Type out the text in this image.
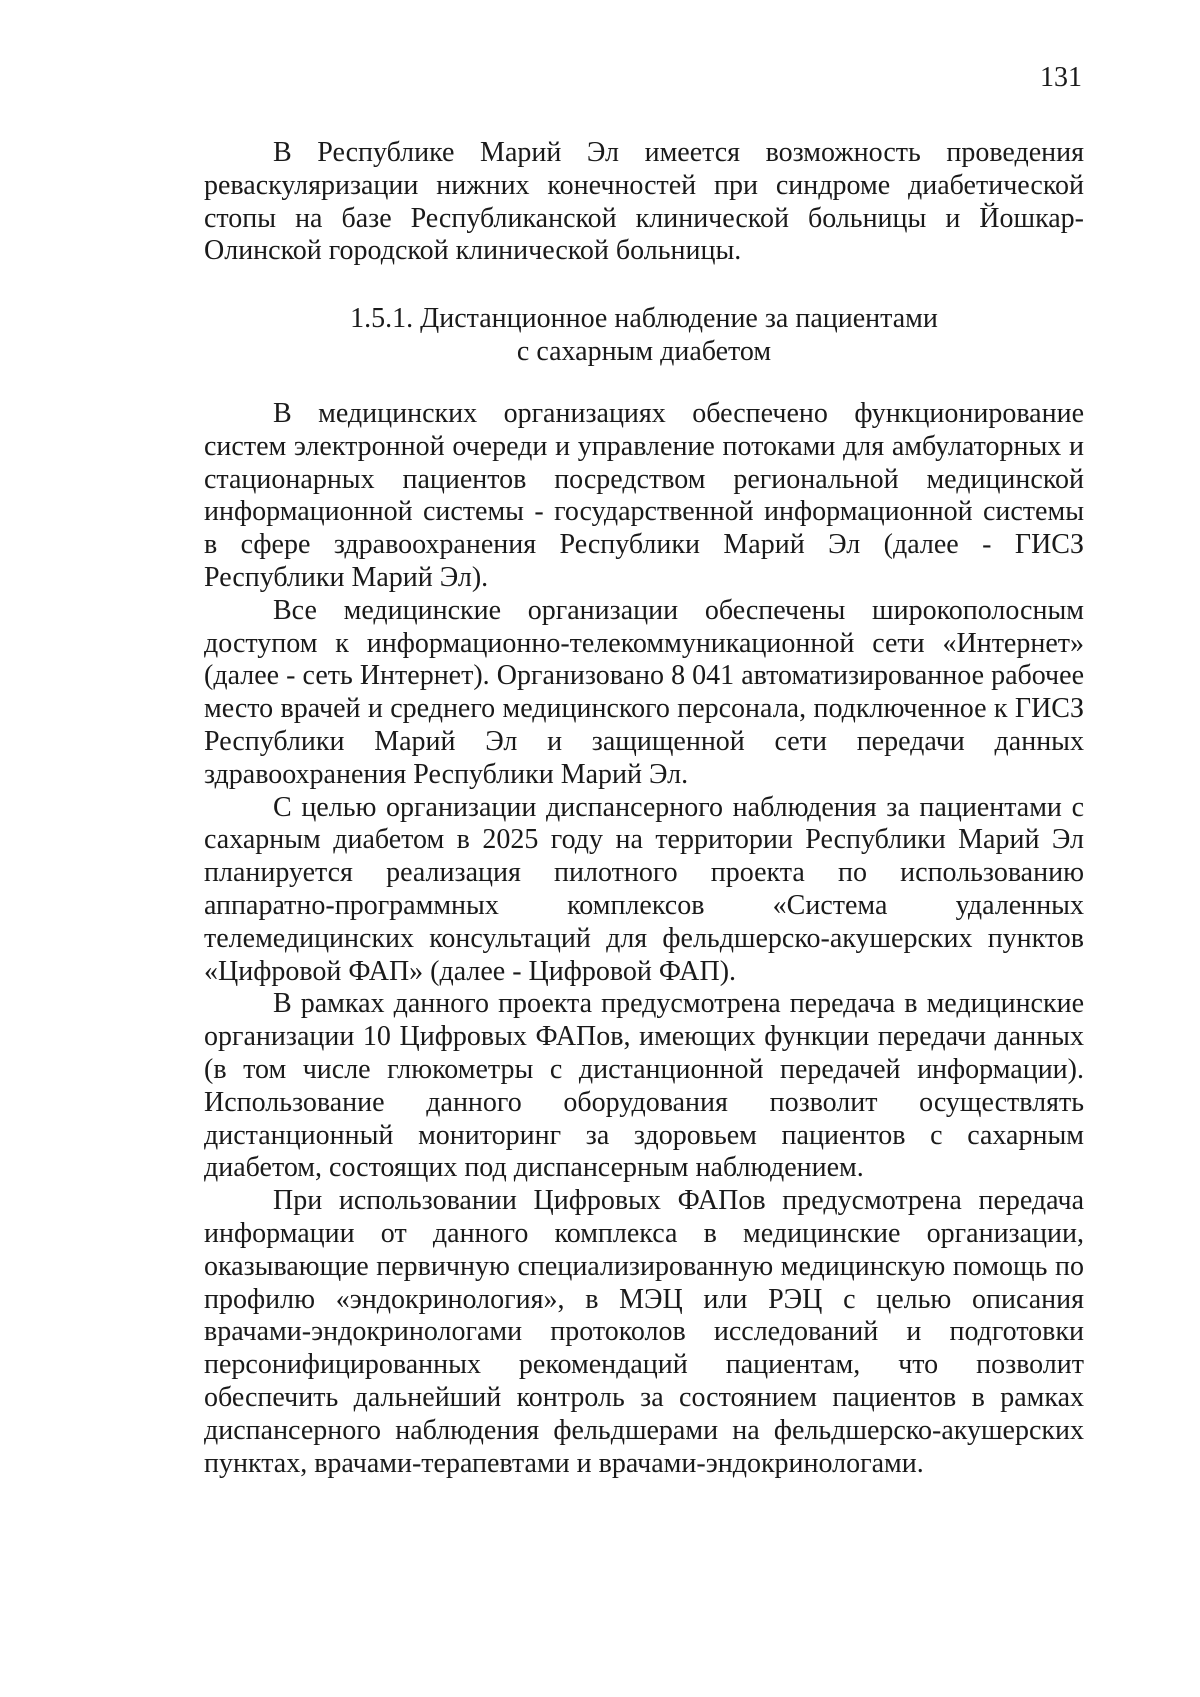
131

В Республике Марий Эл имеется возможность проведения реваскуляризации нижних конечностей при синдроме диабетической стопы на базе Республиканской клинической больницы и Йошкар-Олинской городской клинической больницы.

1.5.1. Дистанционное наблюдение за пациентами
с сахарным диабетом

В медицинских организациях обеспечено функционирование систем электронной очереди и управление потоками для амбулаторных и стационарных пациентов посредством региональной медицинской информационной системы - государственной информационной системы в сфере здравоохранения Республики Марий Эл (далее - ГИСЗ Республики Марий Эл).

Все медицинские организации обеспечены широкополосным доступом к информационно-телекоммуникационной сети «Интернет» (далее - сеть Интернет). Организовано 8 041 автоматизированное рабочее место врачей и среднего медицинского персонала, подключенное к ГИСЗ Республики Марий Эл и защищенной сети передачи данных здравоохранения Республики Марий Эл.

С целью организации диспансерного наблюдения за пациентами с сахарным диабетом в 2025 году на территории Республики Марий Эл планируется реализация пилотного проекта по использованию аппаратно-программных комплексов «Система удаленных телемедицинских консультаций для фельдшерско-акушерских пунктов «Цифровой ФАП» (далее - Цифровой ФАП).

В рамках данного проекта предусмотрена передача в медицинские организации 10 Цифровых ФАПов, имеющих функции передачи данных (в том числе глюкометры с дистанционной передачей информации). Использование данного оборудования позволит осуществлять дистанционный мониторинг за здоровьем пациентов с сахарным диабетом, состоящих под диспансерным наблюдением.

При использовании Цифровых ФАПов предусмотрена передача информации от данного комплекса в медицинские организации, оказывающие первичную специализированную медицинскую помощь по профилю «эндокринология», в МЭЦ или РЭЦ с целью описания врачами-эндокринологами протоколов исследований и подготовки персонифицированных рекомендаций пациентам, что позволит обеспечить дальнейший контроль за состоянием пациентов в рамках диспансерного наблюдения фельдшерами на фельдшерско-акушерских пунктах, врачами-терапевтами и врачами-эндокринологами.
